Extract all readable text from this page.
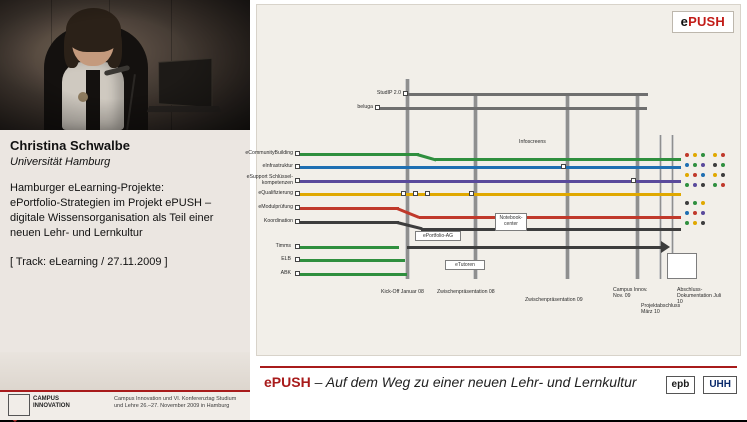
Christina Schwalbe
Universität Hamburg

Hamburger eLearning-Projekte:

ePortfolio-Strategien im Projekt ePUSH –

digitale Wissensorganisation als Teil einer

neuen Lehr- und Lernkultur

[ Track: eLearning / 27.11.2009 ]
CAMPUS
INNOVATION
Campus Innovation und VI. Konferenztag Studium und Lehre 26.–27. November 2009 in Hamburg
ePUSH
StudIP 2.0
beluga
Infoscreens
eCommunityBuilding
eInfrastruktur
eSupport Schlüssel-kompetenzen
eQualifizierung
eModulprüfung
Koordination
Timms
ELB
ABK
Notebook-center
ePortfolio-AG
eTutoren
Kick-Off Januar 08	Zwischenpräsentation 08
Zwischenpräsentation 09
Campus Innov. Nov. 09
Projektabschluss März 10
Abschluss-Dokumentation Juli 10
ePUSH – Auf dem Weg zu einer neuen Lehr- und Lernkultur	epb	UHH
